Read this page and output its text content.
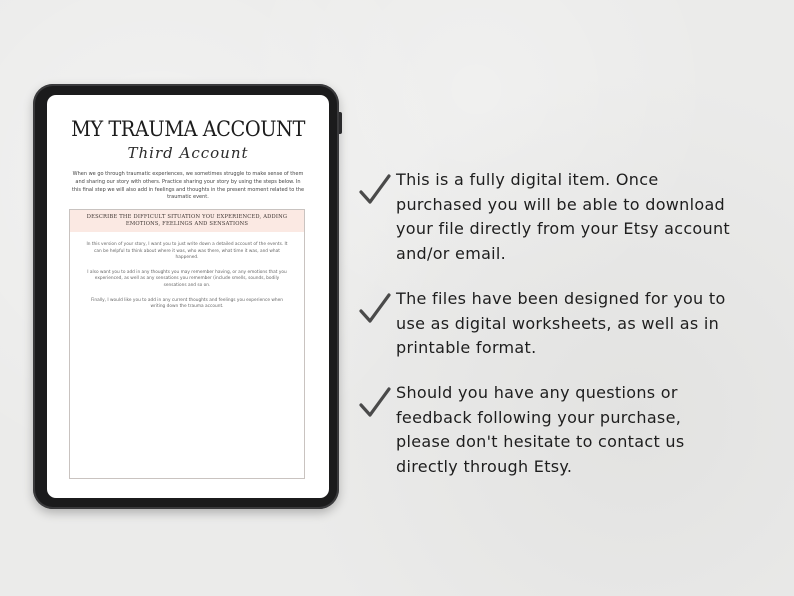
MY TRAUMA ACCOUNT
Third Account
When we go through traumatic experiences, we sometimes struggle to make sense of them and sharing our story with others. Practice sharing your story by using the steps below. In this final step we will also add in feelings and thoughts in the present moment related to the traumatic event.
DESCRIBE THE DIFFICULT SITUATION YOU EXPERIENCED, ADDING EMOTIONS, FEELINGS AND SENSATIONS

In this version of your story, I want you to just write down a detailed account of the events. It can be helpful to think about where it was, who was there, what time it was, and what happened.

I also want you to add in any thoughts you may remember having, or any emotions that you experienced, as well as any sensations you remember (include smells, sounds, bodily sensations and so on.

Finally, I would like you to add in any current thoughts and feelings you experience when writing down the trauma account.

This is a fully digital item. Once purchased you will be able to download your file directly from your Etsy account and/or email.
The files have been designed for you to use as digital worksheets, as well as in printable format.
Should you have any questions or feedback following your purchase, please don't hesitate to contact us directly through Etsy.
